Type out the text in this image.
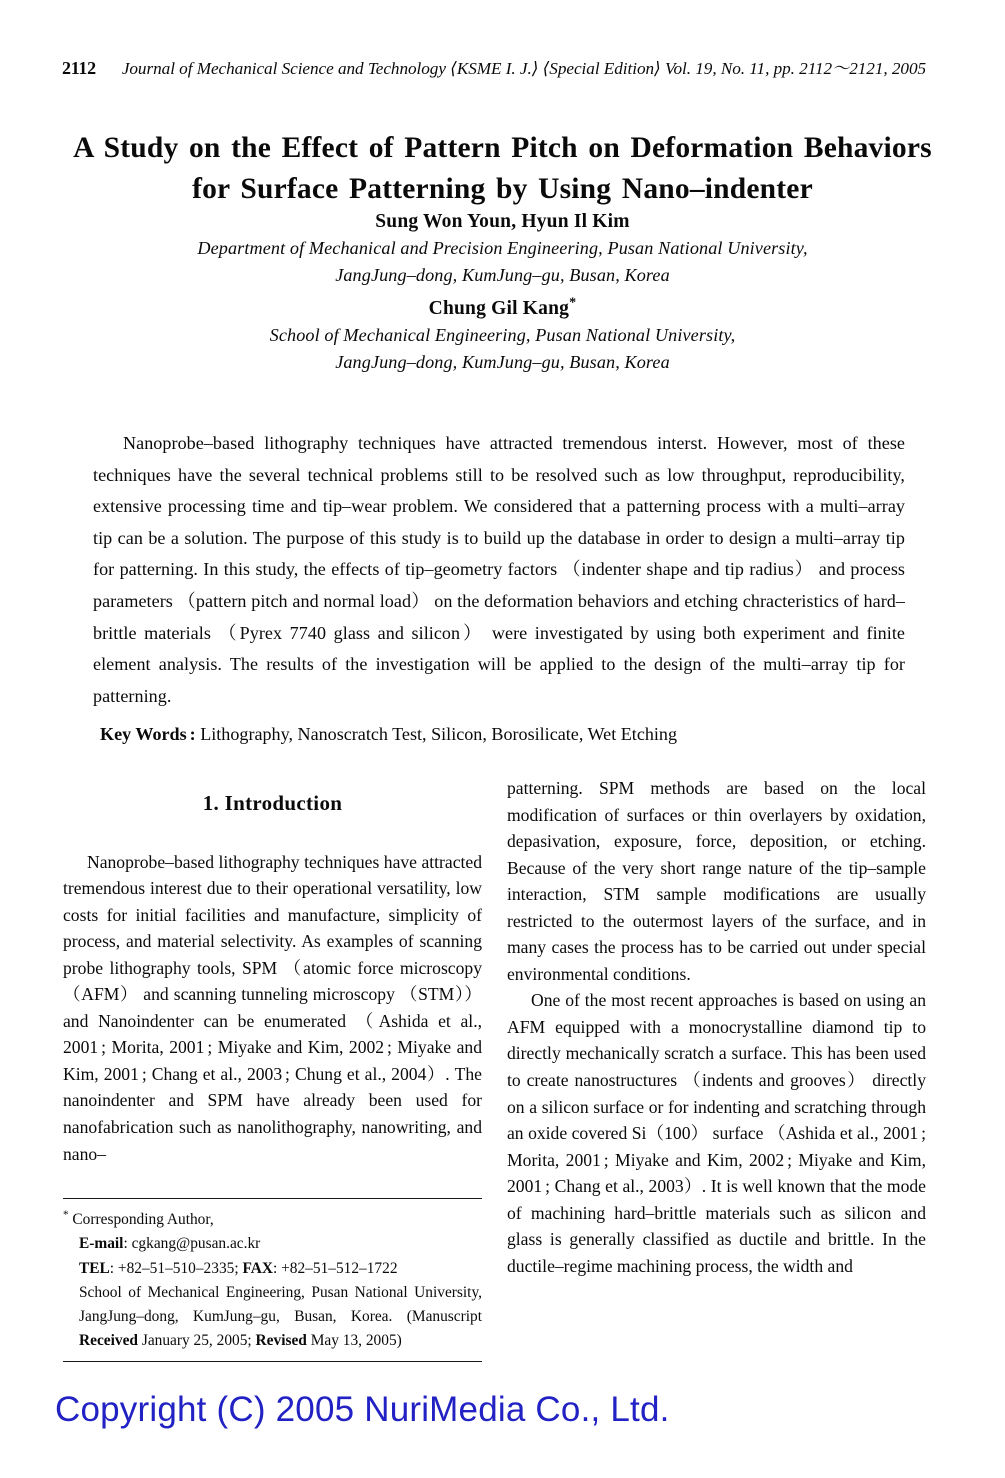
2112 Journal of Mechanical Science and Technology ⟨KSME I. J.⟩ ⟨Special Edition⟩ Vol. 19, No. 11, pp. 2112～2121, 2005
A Study on the Effect of Pattern Pitch on Deformation Behaviors
for Surface Patterning by Using Nano–indenter
Sung Won Youn, Hyun Il Kim
Department of Mechanical and Precision Engineering, Pusan National University,
JangJung–dong, KumJung–gu, Busan, Korea
Chung Gil Kang*
School of Mechanical Engineering, Pusan National University,
JangJung–dong, KumJung–gu, Busan, Korea
Nanoprobe–based lithography techniques have attracted tremendous interst. However, most of these techniques have the several technical problems still to be resolved such as low throughput, reproducibility, extensive processing time and tip–wear problem. We considered that a patterning process with a multi–array tip can be a solution. The purpose of this study is to build up the database in order to design a multi–array tip for patterning. In this study, the effects of tip–geometry factors （indenter shape and tip radius） and process parameters （pattern pitch and normal load） on the deformation behaviors and etching chracteristics of hard–brittle materials （Pyrex 7740 glass and silicon） were investigated by using both experiment and finite element analysis. The results of the investigation will be applied to the design of the multi–array tip for patterning.
Key Words : Lithography, Nanoscratch Test, Silicon, Borosilicate, Wet Etching
1. Introduction

Nanoprobe–based lithography techniques have attracted tremendous interest due to their operational versatility, low costs for initial facilities and manufacture, simplicity of process, and material selectivity. As examples of scanning probe lithography tools, SPM （atomic force microscopy （AFM） and scanning tunneling microscopy （STM）） and Nanoindenter can be enumerated （Ashida et al., 2001 ; Morita, 2001 ; Miyake and Kim, 2002 ; Miyake and Kim, 2001 ; Chang et al., 2003 ; Chung et al., 2004）. The nanoindenter and SPM have already been used for nanofabrication such as nanolithography, nanowriting, and nano–

patterning. SPM methods are based on the local modification of surfaces or thin overlayers by oxidation, depasivation, exposure, force, deposition, or etching. Because of the very short range nature of the tip–sample interaction, STM sample modifications are usually restricted to the outermost layers of the surface, and in many cases the process has to be carried out under special environmental conditions.

One of the most recent approaches is based on using an AFM equipped with a monocrystalline diamond tip to directly mechanically scratch a surface. This has been used to create nanostructures （indents and grooves） directly on a silicon surface or for indenting and scratching through an oxide covered Si（100） surface （Ashida et al., 2001 ; Morita, 2001 ; Miyake and Kim, 2002 ; Miyake and Kim, 2001 ; Chang et al., 2003）. It is well known that the mode of machining hard–brittle materials such as silicon and glass is generally classified as ductile and brittle. In the ductile–regime machining process, the width and

* Corresponding Author,
E-mail: cgkang@pusan.ac.kr
TEL: +82–51–510–2335; FAX: +82–51–512–1722
School of Mechanical Engineering, Pusan National University, JangJung–dong, KumJung–gu, Busan, Korea. (Manuscript Received January 25, 2005; Revised May 13, 2005)
Copyright (C) 2005 NuriMedia Co., Ltd.
